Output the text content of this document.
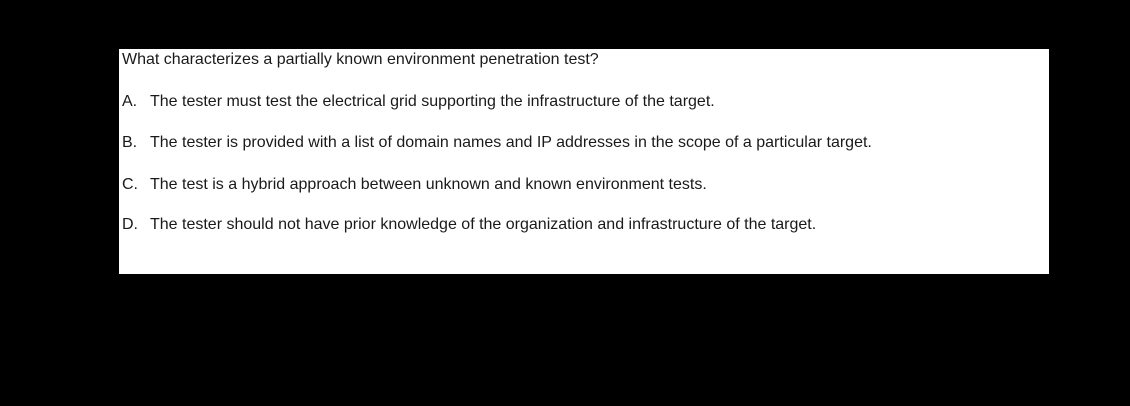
What characterizes a partially known environment penetration test?
A. The tester must test the electrical grid supporting the infrastructure of the target.
B. The tester is provided with a list of domain names and IP addresses in the scope of a particular target.
C. The test is a hybrid approach between unknown and known environment tests.
D. The tester should not have prior knowledge of the organization and infrastructure of the target.
